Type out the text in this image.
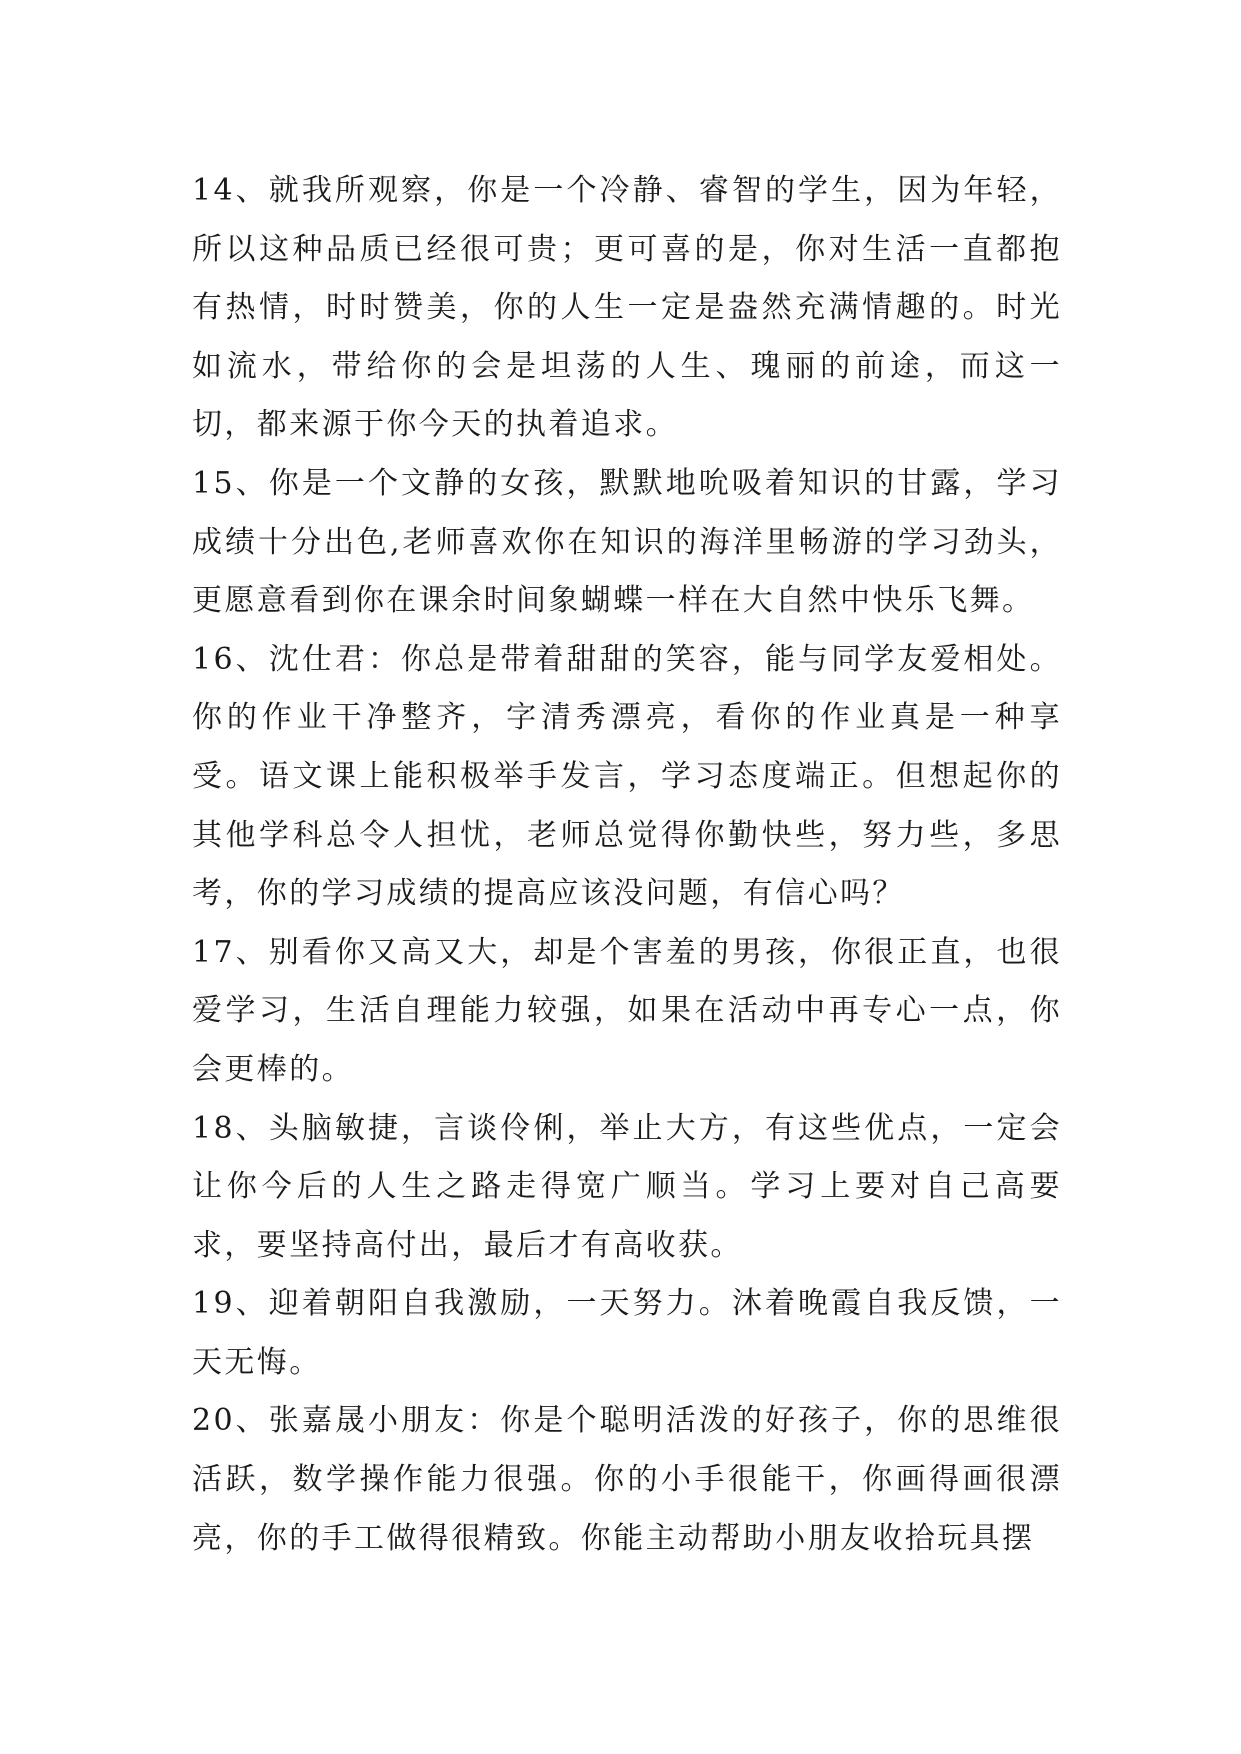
14、就我所观察，你是一个冷静、睿智的学生，因为年轻，所以这种品质已经很可贵；更可喜的是，你对生活一直都抱有热情，时时赞美，你的人生一定是盎然充满情趣的。时光如流水，带给你的会是坦荡的人生、瑰丽的前途，而这一切，都来源于你今天的执着追求。

15、你是一个文静的女孩，默默地吮吸着知识的甘露，学习成绩十分出色,老师喜欢你在知识的海洋里畅游的学习劲头，更愿意看到你在课余时间象蝴蝶一样在大自然中快乐飞舞。

16、沈仕君：你总是带着甜甜的笑容，能与同学友爱相处。你的作业干净整齐，字清秀漂亮，看你的作业真是一种享受。语文课上能积极举手发言，学习态度端正。但想起你的其他学科总令人担忧，老师总觉得你勤快些，努力些，多思考，你的学习成绩的提高应该没问题，有信心吗？

17、别看你又高又大，却是个害羞的男孩，你很正直，也很爱学习，生活自理能力较强，如果在活动中再专心一点，你会更棒的。

18、头脑敏捷，言谈伶俐，举止大方，有这些优点，一定会让你今后的人生之路走得宽广顺当。学习上要对自己高要求，要坚持高付出，最后才有高收获。

19、迎着朝阳自我激励，一天努力。沐着晚霞自我反馈，一天无悔。

20、张嘉晟小朋友：你是个聪明活泼的好孩子，你的思维很活跃，数学操作能力很强。你的小手很能干，你画得画很漂亮，你的手工做得很精致。你能主动帮助小朋友收拾玩具摆
